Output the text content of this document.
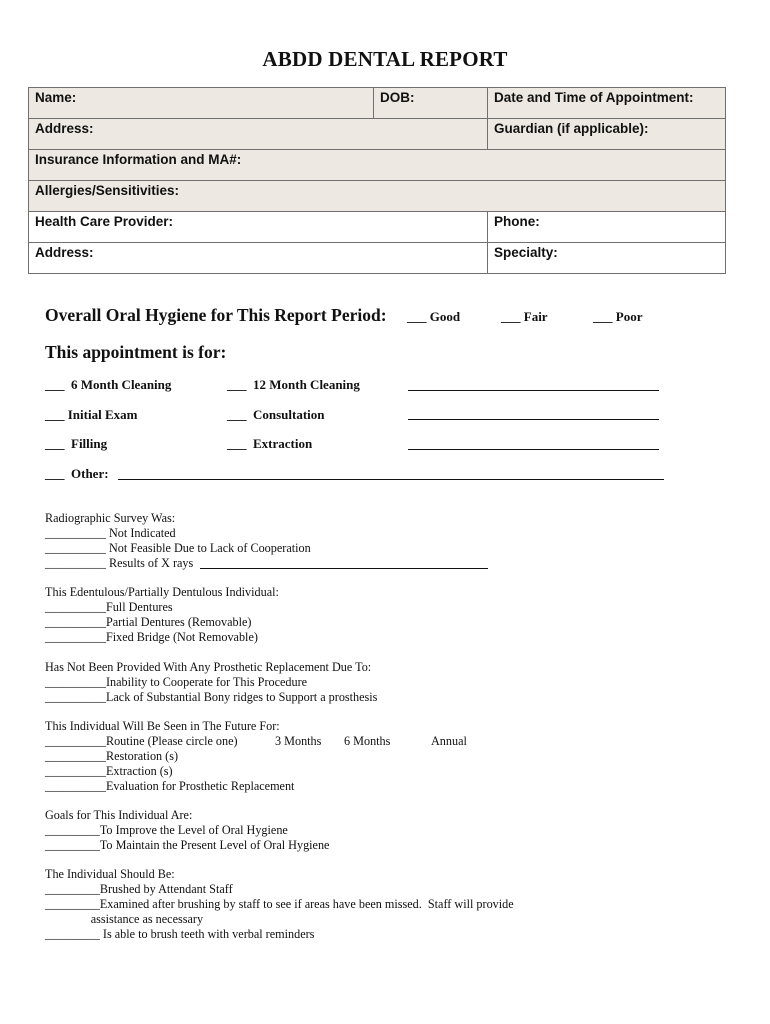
ABDD DENTAL REPORT
Name:	DOB:	Date and Time of Appointment:
Address:		Guardian (if applicable):
Insurance Information and MA#:		
Allergies/Sensitivities:		
Health Care Provider:		Phone:
Address:		Specialty:
Overall Oral Hygiene for This Report Period: ___ Good	___ Fair	___ Poor
This appointment is for:
___  6 Month Cleaning	___  12 Month Cleaning
___ Initial Exam	___  Consultation
___  Filling	___  Extraction
___  Other:
Radiographic Survey Was:
__________ Not Indicated
__________ Not Feasible Due to Lack of Cooperation
__________ Results of X rays
This Edentulous/Partially Dentulous Individual:
__________Full Dentures
__________Partial Dentures (Removable)
__________Fixed Bridge (Not Removable)
Has Not Been Provided With Any Prosthetic Replacement Due To:
__________Inability to Cooperate for This Procedure
__________Lack of Substantial Bony ridges to Support a prosthesis
This Individual Will Be Seen in The Future For:
__________Routine (Please circle one)	3 Months 6 Months	Annual
__________Restoration (s)
__________Extraction (s)
__________Evaluation for Prosthetic Replacement
Goals for This Individual Are:
_________To Improve the Level of Oral Hygiene
_________To Maintain the Present Level of Oral Hygiene
The Individual Should Be:
_________Brushed by Attendant Staff
_________Examined after brushing by staff to see if areas have been missed.  Staff will provide
assistance as necessary
_________ Is able to brush teeth with verbal reminders
